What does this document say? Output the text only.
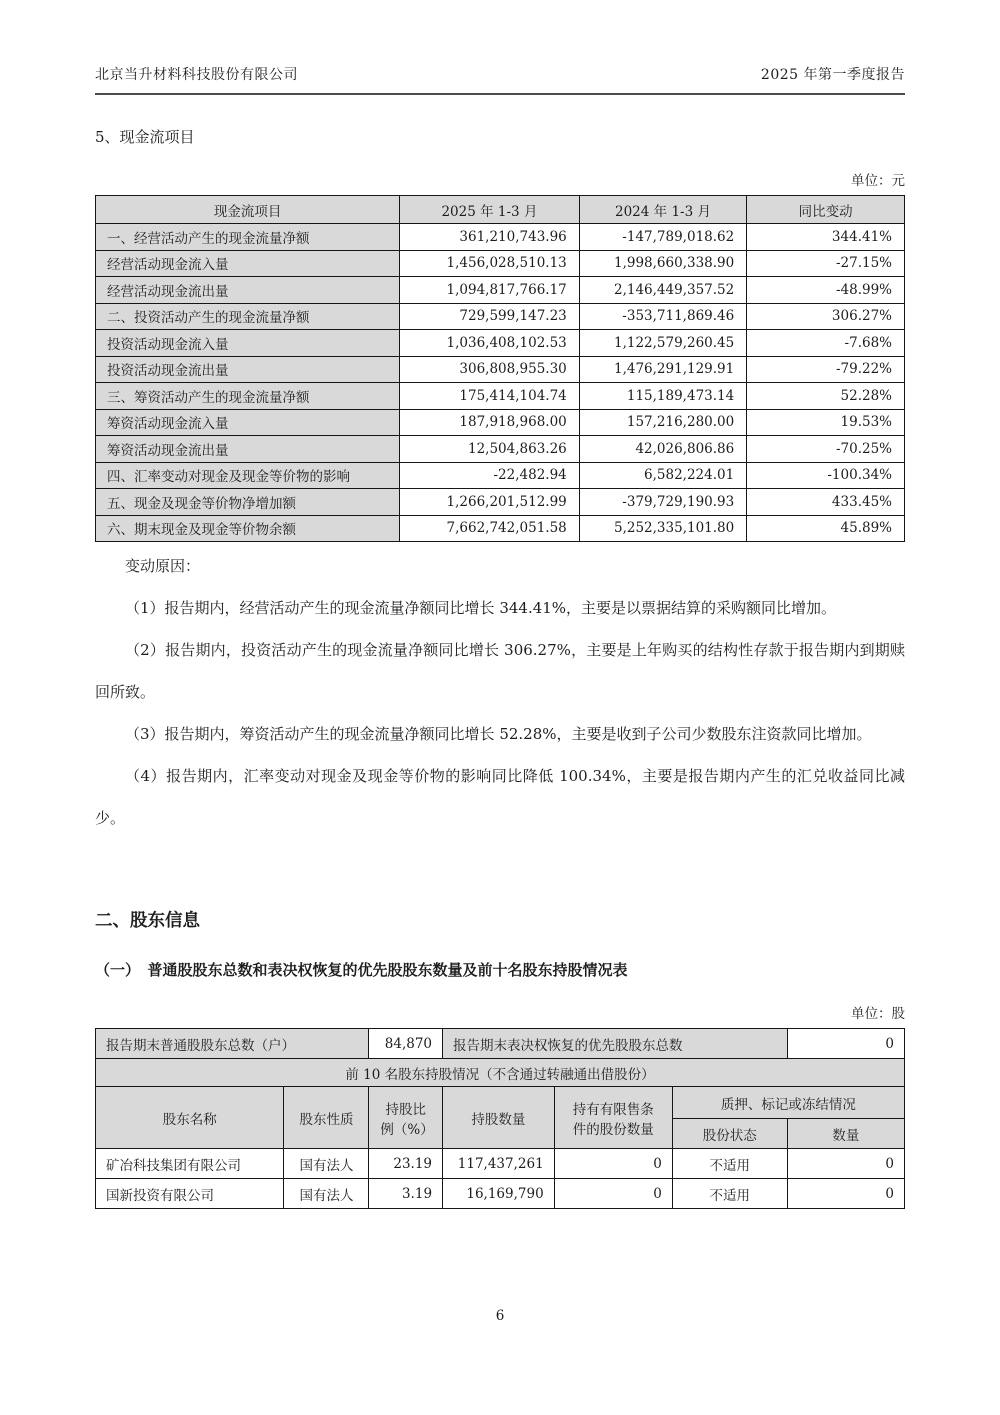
北京当升材料科技股份有限公司	2025 年第一季度报告
5、现金流项目
单位：元
现金流项目	2025 年 1-3 月	2024 年 1-3 月	同比变动
一、经营活动产生的现金流量净额	361,210,743.96	-147,789,018.62	344.41%
经营活动现金流入量	1,456,028,510.13	1,998,660,338.90	-27.15%
经营活动现金流出量	1,094,817,766.17	2,146,449,357.52	-48.99%
二、投资活动产生的现金流量净额	729,599,147.23	-353,711,869.46	306.27%
投资活动现金流入量	1,036,408,102.53	1,122,579,260.45	-7.68%
投资活动现金流出量	306,808,955.30	1,476,291,129.91	-79.22%
三、筹资活动产生的现金流量净额	175,414,104.74	115,189,473.14	52.28%
筹资活动现金流入量	187,918,968.00	157,216,280.00	19.53%
筹资活动现金流出量	12,504,863.26	42,026,806.86	-70.25%
四、汇率变动对现金及现金等价物的影响	-22,482.94	6,582,224.01	-100.34%
五、现金及现金等价物净增加额	1,266,201,512.99	-379,729,190.93	433.45%
六、期末现金及现金等价物余额	7,662,742,051.58	5,252,335,101.80	45.89%

变动原因：

（1）报告期内，经营活动产生的现金流量净额同比增长 344.41%，主要是以票据结算的采购额同比增加。

（2）报告期内，投资活动产生的现金流量净额同比增长 306.27%，主要是上年购买的结构性存款于报告期内到期赎回所致。

（3）报告期内，筹资活动产生的现金流量净额同比增长 52.28%，主要是收到子公司少数股东注资款同比增加。

（4）报告期内，汇率变动对现金及现金等价物的影响同比降低 100.34%，主要是报告期内产生的汇兑收益同比减少。

二、股东信息
（一）　普通股股东总数和表决权恢复的优先股股东数量及前十名股东持股情况表
单位：股
报告期末普通股股东总数（户）		84,870	报告期末表决权恢复的优先股股东总数			0
前 10 名股东持股情况（不含通过转融通出借股份）						
股东名称	股东性质	持股比例（%）	持股数量	持有有限售条件的股份数量	质押、标记或冻结情况	
					股份状态	数量
矿冶科技集团有限公司	国有法人	23.19	117,437,261	0	不适用	0
国新投资有限公司	国有法人	3.19	16,169,790	0	不适用	0
6
